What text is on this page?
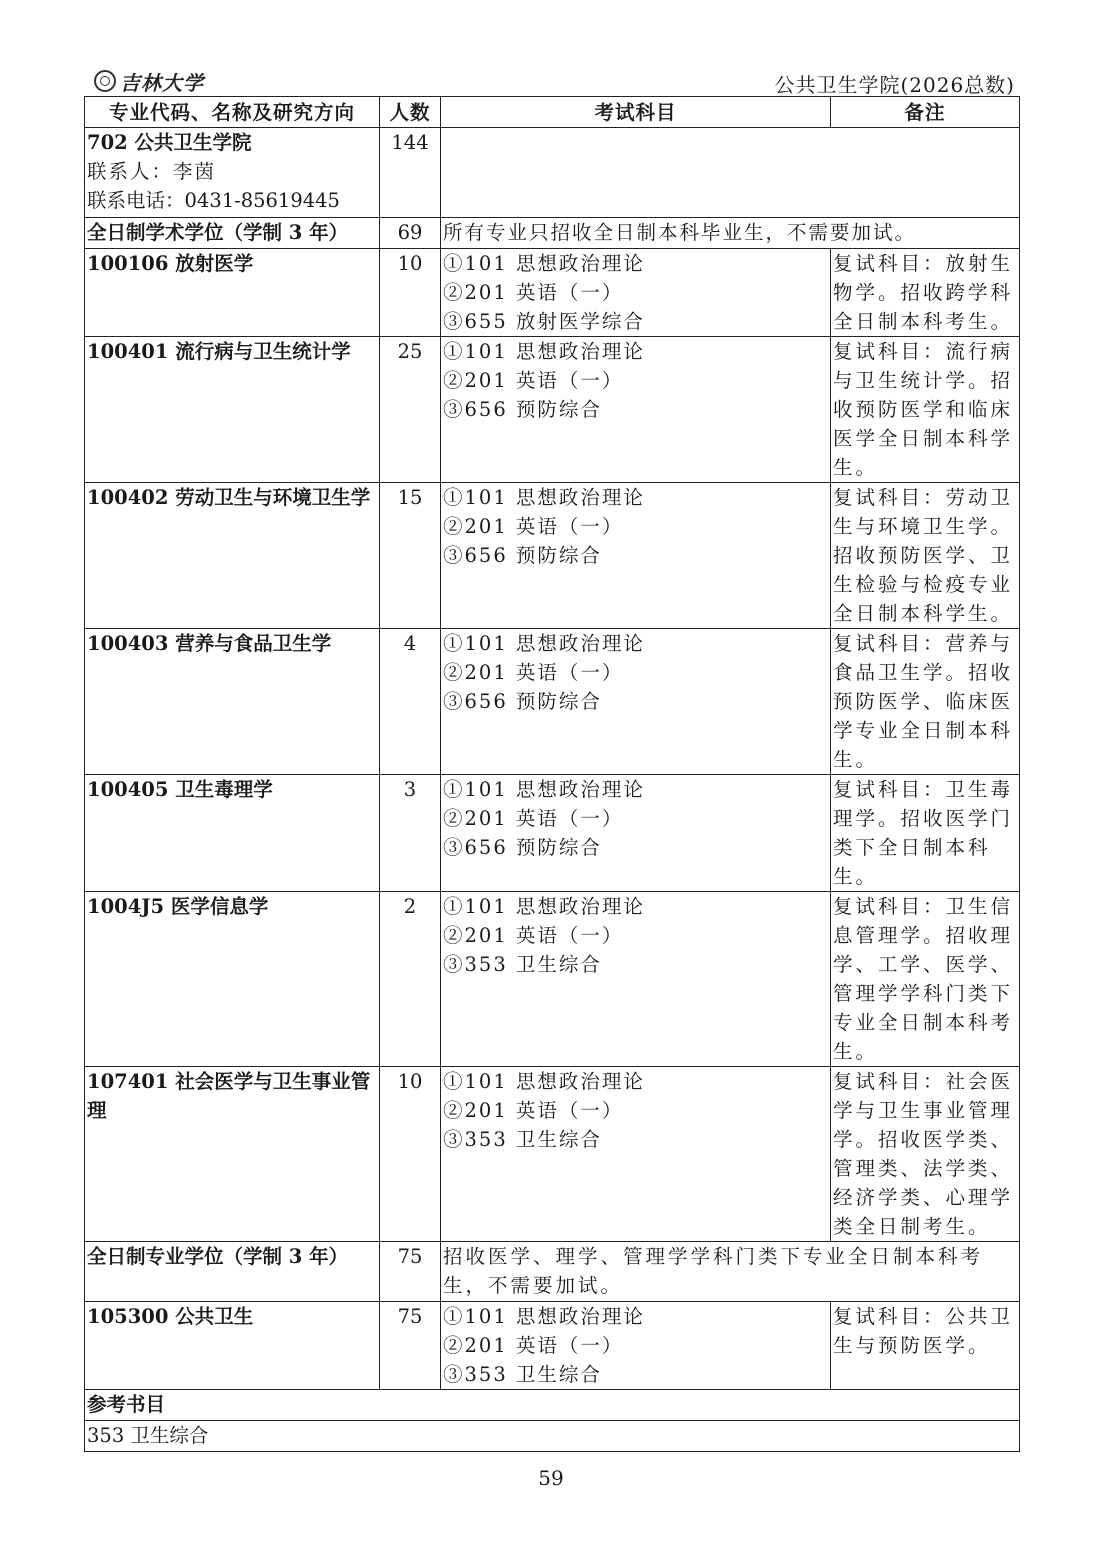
吉林大学	公共卫生学院(2026总数)
专业代码、名称及研究方向	人数	考试科目	备注

702 公共卫生学院
联系人：李茵
联系电话：0431-85619445	144		
全日制学术学位（学制 3 年）	69	所有专业只招收全日制本科毕业生，不需要加试。	
100106 放射医学	10	①101 思想政治理论
②201 英语（一）
③655 放射医学综合	复试科目：放射生物学。招收跨学科全日制本科考生。
100401 流行病与卫生统计学	25	①101 思想政治理论
②201 英语（一）
③656 预防综合	复试科目：流行病与卫生统计学。招收预防医学和临床医学全日制本科学生。
100402 劳动卫生与环境卫生学	15	①101 思想政治理论
②201 英语（一）
③656 预防综合	复试科目：劳动卫生与环境卫生学。招收预防医学、卫生检验与检疫专业全日制本科学生。
100403 营养与食品卫生学	4	①101 思想政治理论
②201 英语（一）
③656 预防综合	复试科目：营养与食品卫生学。招收预防医学、临床医学专业全日制本科生。
100405 卫生毒理学	3	①101 思想政治理论
②201 英语（一）
③656 预防综合	复试科目：卫生毒理学。招收医学门类下全日制本科生。
1004J5 医学信息学	2	①101 思想政治理论
②201 英语（一）
③353 卫生综合	复试科目：卫生信息管理学。招收理学、工学、医学、管理学学科门类下专业全日制本科考生。
107401 社会医学与卫生事业管理	10	①101 思想政治理论
②201 英语（一）
③353 卫生综合	复试科目：社会医学与卫生事业管理学。招收医学类、管理类、法学类、经济学类、心理学类全日制考生。
全日制专业学位（学制 3 年）	75	招收医学、理学、管理学学科门类下专业全日制本科考生，不需要加试。	
105300 公共卫生	75	①101 思想政治理论
②201 英语（一）
③353 卫生综合	复试科目：公共卫生与预防医学。
参考书目			
353 卫生综合			
59
